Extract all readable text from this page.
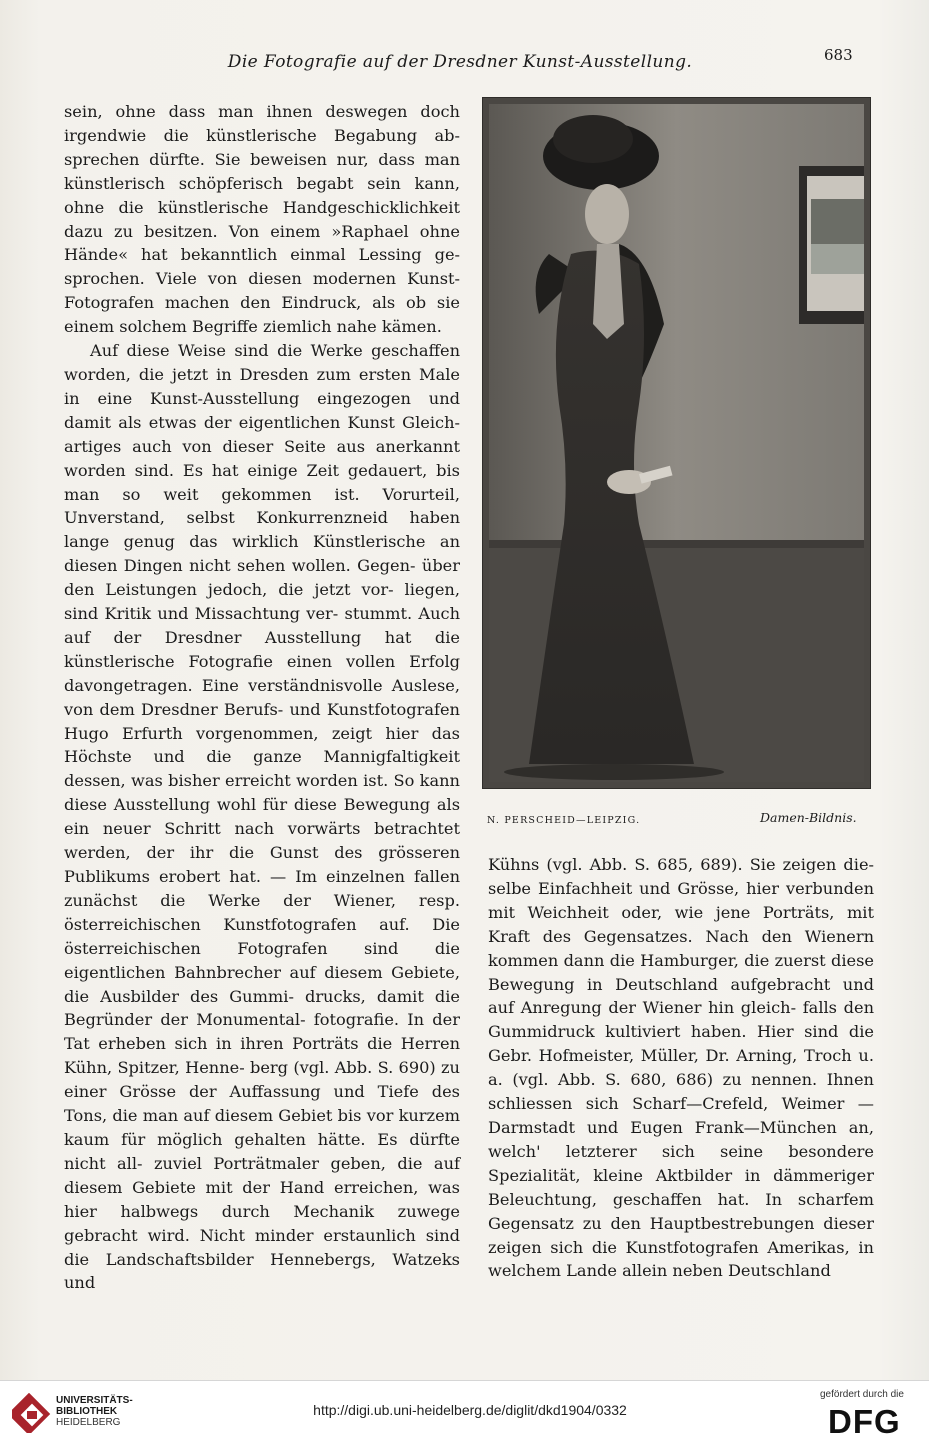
Die Fotografie auf der Dresdner Kunst-Ausstellung.	683

sein, ohne dass man ihnen deswegen doch irgendwie die künstlerische Begabung ab- sprechen dürfte. Sie beweisen nur, dass man künstlerisch schöpferisch begabt sein kann, ohne die künstlerische Handgeschicklichkeit dazu zu besitzen. Von einem »Raphael ohne Hände« hat bekanntlich einmal Lessing ge- sprochen. Viele von diesen modernen Kunst- Fotografen machen den Eindruck, als ob sie einem solchem Begriffe ziemlich nahe kämen.

Auf diese Weise sind die Werke geschaffen worden, die jetzt in Dresden zum ersten Male in eine Kunst-Ausstellung eingezogen und damit als etwas der eigentlichen Kunst Gleich- artiges auch von dieser Seite aus anerkannt worden sind. Es hat einige Zeit gedauert, bis man so weit gekommen ist. Vorurteil, Unverstand, selbst Konkurrenzneid haben lange genug das wirklich Künstlerische an diesen Dingen nicht sehen wollen. Gegen- über den Leistungen jedoch, die jetzt vor- liegen, sind Kritik und Missachtung ver- stummt. Auch auf der Dresdner Ausstellung hat die künstlerische Fotografie einen vollen Erfolg davongetragen. Eine verständnisvolle Auslese, von dem Dresdner Berufs- und Kunstfotografen Hugo Erfurth vorgenommen, zeigt hier das Höchste und die ganze Mannigfaltigkeit dessen, was bisher erreicht worden ist. So kann diese Ausstellung wohl für diese Bewegung als ein neuer Schritt nach vorwärts betrachtet werden, der ihr die Gunst des grösseren Publikums erobert hat. — Im einzelnen fallen zunächst die Werke der Wiener, resp. österreichischen Kunstfotografen auf. Die österreichischen Fotografen sind die eigentlichen Bahnbrecher auf diesem Gebiete, die Ausbilder des Gummi- drucks, damit die Begründer der Monumental- fotografie. In der Tat erheben sich in ihren Porträts die Herren Kühn, Spitzer, Henne- berg (vgl. Abb. S. 690) zu einer Grösse der Auffassung und Tiefe des Tons, die man auf diesem Gebiet bis vor kurzem kaum für möglich gehalten hätte. Es dürfte nicht all- zuviel Porträtmaler geben, die auf diesem Gebiete mit der Hand erreichen, was hier halbwegs durch Mechanik zuwege gebracht wird. Nicht minder erstaunlich sind die Landschaftsbilder Hennebergs, Watzeks und

N. PERSCHEID—LEIPZIG.	Damen-Bildnis.

Kühns (vgl. Abb. S. 685, 689). Sie zeigen die- selbe Einfachheit und Grösse, hier verbunden mit Weichheit oder, wie jene Porträts, mit Kraft des Gegensatzes. Nach den Wienern kommen dann die Hamburger, die zuerst diese Bewegung in Deutschland aufgebracht und auf Anregung der Wiener hin gleich- falls den Gummidruck kultiviert haben. Hier sind die Gebr. Hofmeister, Müller, Dr. Arning, Troch u. a. (vgl. Abb. S. 680, 686) zu nennen. Ihnen schliessen sich Scharf—Crefeld, Weimer —Darmstadt und Eugen Frank—München an, welch' letzterer sich seine besondere Spezialität, kleine Aktbilder in dämmeriger Beleuchtung, geschaffen hat. In scharfem Gegensatz zu den Hauptbestrebungen dieser zeigen sich die Kunstfotografen Amerikas, in welchem Lande allein neben Deutschland

UNIVERSITÄTS-
BIBLIOTHEK
HEIDELBERG
http://digi.ub.uni-heidelberg.de/diglit/dkd1904/0332
gefördert durch die
DFG
